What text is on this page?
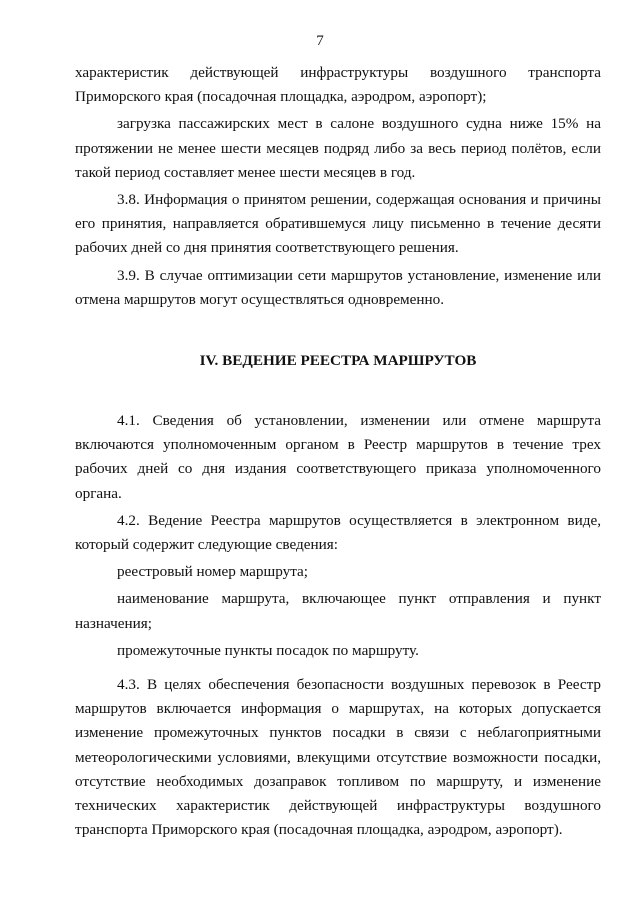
7

характеристик действующей инфраструктуры воздушного транспорта Приморского края (посадочная площадка, аэродром, аэропорт);

загрузка пассажирских мест в салоне воздушного судна ниже 15% на протяжении не менее шести месяцев подряд либо за весь период полётов, если такой период составляет менее шести месяцев в год.

3.8. Информация о принятом решении, содержащая основания и причины его принятия, направляется обратившемуся лицу письменно в течение десяти рабочих дней со дня принятия соответствующего решения.

3.9. В случае оптимизации сети маршрутов установление, изменение или отмена маршрутов могут осуществляться одновременно.

IV. ВЕДЕНИЕ РЕЕСТРА МАРШРУТОВ

4.1. Сведения об установлении, изменении или отмене маршрута включаются уполномоченным органом в Реестр маршрутов в течение трех рабочих дней со дня издания соответствующего приказа уполномоченного органа.

4.2. Ведение Реестра маршрутов осуществляется в электронном виде, который содержит следующие сведения:

реестровый номер маршрута;

наименование маршрута, включающее пункт отправления и пункт назначения;

промежуточные пункты посадок по маршруту.

4.3. В целях обеспечения безопасности воздушных перевозок в Реестр маршрутов включается информация о маршрутах, на которых допускается изменение промежуточных пунктов посадки в связи с неблагоприятными метеорологическими условиями, влекущими отсутствие возможности посадки, отсутствие необходимых дозаправок топливом по маршруту, и изменение технических характеристик действующей инфраструктуры воздушного транспорта Приморского края (посадочная площадка, аэродром, аэропорт).
